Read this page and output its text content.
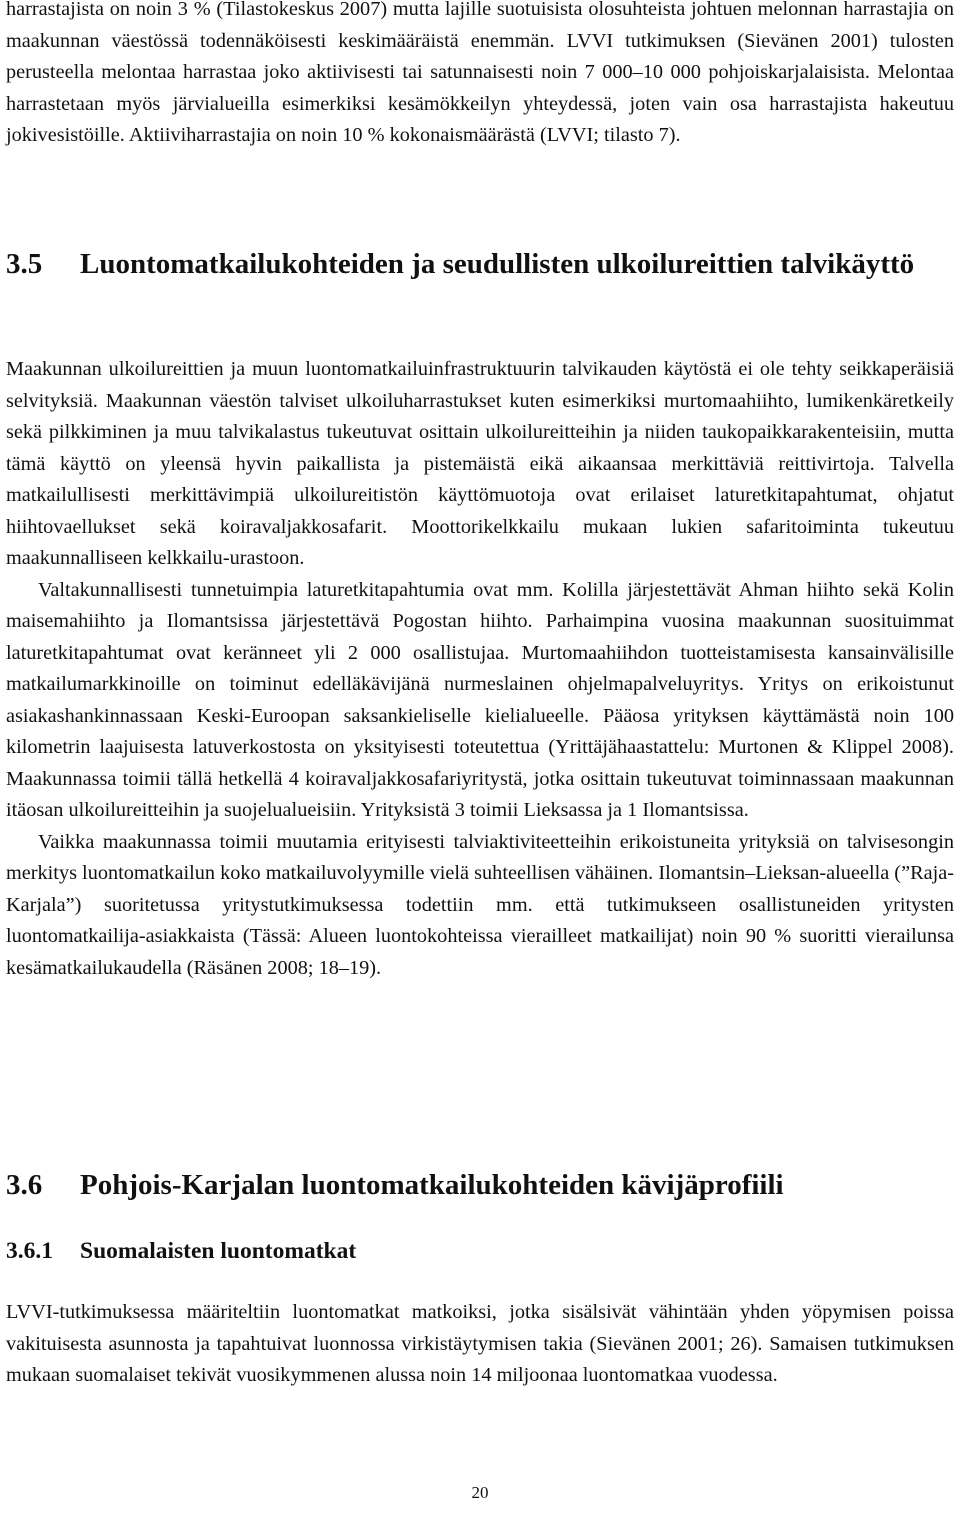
harrastajista on noin 3 % (Tilastokeskus 2007) mutta lajille suotuisista olosuhteista johtuen melonnan harrastajia on maakunnan väestössä todennäköisesti keskimääräistä enemmän. LVVI tutkimuksen (Sievänen 2001) tulosten perusteella melontaa harrastaa joko aktiivisesti tai satunnaisesti noin 7 000–10 000 pohjoiskarjalaisista. Melontaa harrastetaan myös järvialueilla esimerkiksi kesämökkeilyn yhteydessä, joten vain osa harrastajista hakeutuu jokivesistöille. Aktiiviharrastajia on noin 10 % kokonaismäärästä (LVVI; tilasto 7).

3.5	Luontomatkailukohteiden ja seudullisten ulkoilureittien talvikäyttö

Maakunnan ulkoilureittien ja muun luontomatkailuinfrastruktuurin talvikauden käytöstä ei ole tehty seikkaperäisiä selvityksiä. Maakunnan väestön talviset ulkoiluharrastukset kuten esimerkiksi murtomaahiihto, lumikenkäretkeily sekä pilkkiminen ja muu talvikalastus tukeutuvat osittain ulkoilureitteihin ja niiden taukopaikkarakenteisiin, mutta tämä käyttö on yleensä hyvin paikallista ja pistemäistä eikä aikaansaa merkittäviä reittivirtoja. Talvella matkailullisesti merkittävimpiä ulkoilureitistön käyttömuotoja ovat erilaiset laturetkitapahtumat, ohjatut hiihtovaellukset sekä koiravaljakkosafarit. Moottorikelkkailu mukaan lukien safaritoiminta tukeutuu maakunnalliseen kelkkailu-urastoon.

Valtakunnallisesti tunnetuimpia laturetkitapahtumia ovat mm. Kolilla järjestettävät Ahman hiihto sekä Kolin maisemahiihto ja Ilomantsissa järjestettävä Pogostan hiihto. Parhaimpina vuosina maakunnan suosituimmat laturetkitapahtumat ovat keränneet yli 2 000 osallistujaa. Murtomaahiihdon tuotteistamisesta kansainvälisille matkailumarkkinoille on toiminut edelläkävijänä nurmeslainen ohjelmapalveluyritys. Yritys on erikoistunut asiakashankinnassaan Keski-Euroopan saksankieliselle kielialueelle. Pääosa yrityksen käyttämästä noin 100 kilometrin laajuisesta latuverkostosta on yksityisesti toteutettua (Yrittäjähaastattelu: Murtonen & Klippel 2008). Maakunnassa toimii tällä hetkellä 4 koiravaljakkosafariyritystä, jotka osittain tukeutuvat toiminnassaan maakunnan itäosan ulkoilureitteihin ja suojelualueisiin. Yrityksistä 3 toimii Lieksassa ja 1 Ilomantsissa.

Vaikka maakunnassa toimii muutamia erityisesti talviaktiviteetteihin erikoistuneita yrityksiä on talvisesongin merkitys luontomatkailun koko matkailuvolyymille vielä suhteellisen vähäinen. Ilomantsin–Lieksan-alueella (”Raja-Karjala”) suoritetussa yritystutkimuksessa todettiin mm. että tutkimukseen osallistuneiden yritysten luontomatkailija-asiakkaista (Tässä: Alueen luontokohteissa vierailleet matkailijat) noin 90 % suoritti vierailunsa kesämatkailukaudella (Räsänen 2008; 18–19).

3.6	Pohjois-Karjalan luontomatkailukohteiden kävijäprofiili
3.6.1	Suomalaisten luontomatkat

LVVI-tutkimuksessa määriteltiin luontomatkat matkoiksi, jotka sisälsivät vähintään yhden yöpymisen poissa vakituisesta asunnosta ja tapahtuivat luonnossa virkistäytymisen takia (Sievänen 2001; 26). Samaisen tutkimuksen mukaan suomalaiset tekivät vuosikymmenen alussa noin 14 miljoonaa luontomatkaa vuodessa.

20
